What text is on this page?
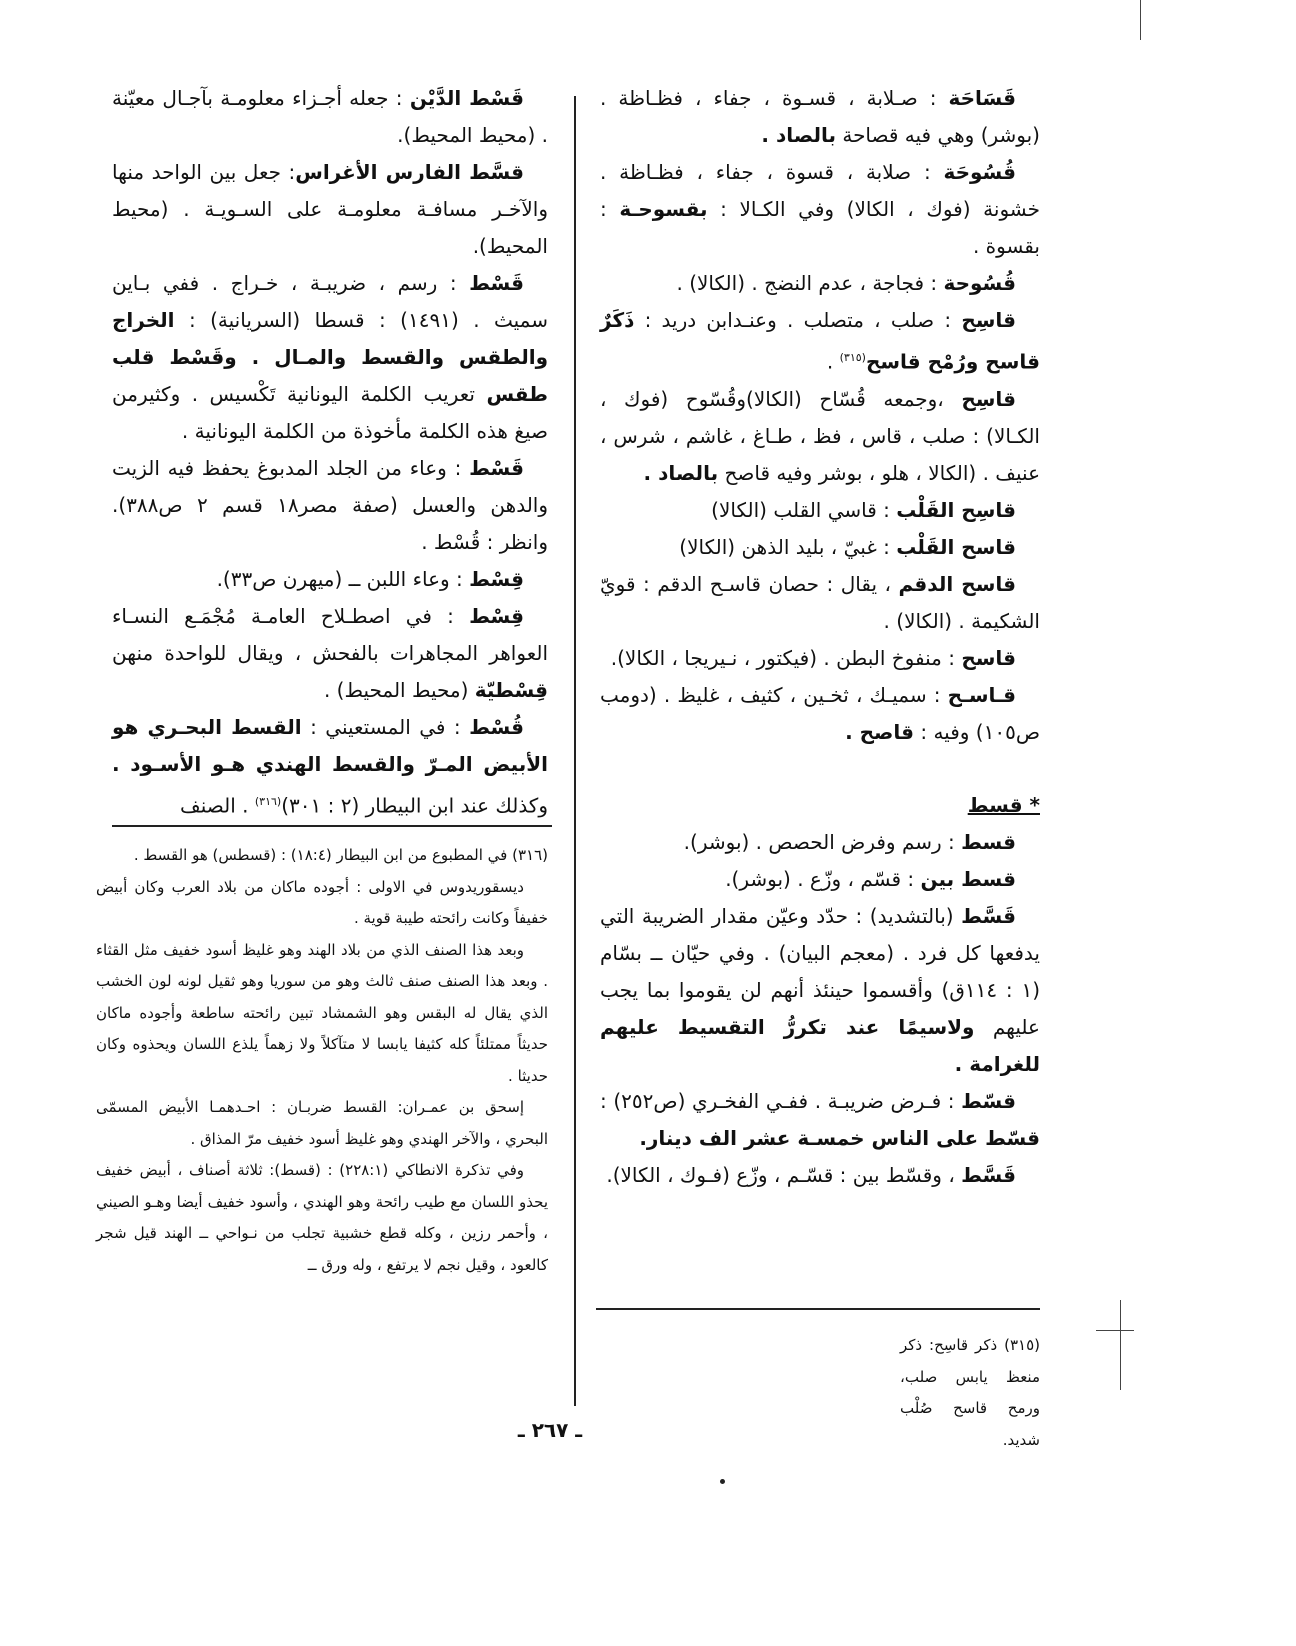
قَسَاحَة : صـلابة ، قسـوة ، جفاء ، فظـاظة . (بوشر) وهي فيه قصاحة بالصاد .

قُسُوحَة : صلابة ، قسوة ، جفاء ، فظـاظة . خشونة (فوك ، الكالا) وفي الكـالا : بقسوحـة : بقسوة .

قُسُوحة : فجاجة ، عدم النضج . (الكالا) .

قاسِح : صلب ، متصلب . وعنـدابن دريد : ذَكَرٌ قاسح ورُمْح قاسح$^{(٣١٥)}$ .

قاسِح ،وجمعه قُسّاح (الكالا)وقُسّوح (فوك ، الكـالا) : صلب ، قاس ، فظ ، طـاغ ، غاشم ، شرس ، عنيف . (الكالا ، هلو ، بوشر وفيه قاصح بالصاد .

قاسِح القَلْب : قاسي القلب (الكالا)

قاسح القَلْب : غبيّ ، بليد الذهن (الكالا)

قاسح الدقم ، يقال : حصان قاسـح الدقم : قويّ الشكيمة . (الكالا) .

قاسح : منفوخ البطن . (فيكتور ، نـيريجا ، الكالا).

قـاسـح : سميـك ، ثخـين ، كثيف ، غليظ . (دومب ص١٠٥) وفيه : قاصح .

* قسط

قسط : رسم وفرض الحصص . (بوشر).

قسط بين : قسّم ، وزّع . (بوشر).

قَسَّط (بالتشديد) : حدّد وعيّن مقدار الضريبة التي يدفعها كل فرد . (معجم البيان) . وفي حيّان ــ بسّام (١ : ١١٤ق) وأقسموا حينئذ أنهم لن يقوموا بما يجب عليهم ولاسيمًا عند تكررُّ التقسيط عليهم للغرامة .

قسّط : فـرض ضريبـة . ففـي الفخـري (ص٢٥٢) : قسّط على الناس خمسـة عشر الف دينار.

قَسَّط ، وقسّط بين : قسّـم ، وزّع (فـوك ، الكالا).

قَسْط الدَّيْن : جعله أجـزاء معلومـة بآجـال معيّنة . (محيط المحيط).

قسَّط الفارس الأغراس: جعل بين الواحد منها والآخـر مسافـة معلومـة على السـويـة . (محيط المحيط).

قَسْط : رسم ، ضريبـة ، خـراج . ففي بـاين سميث . (١٤٩١) : قسطا (السريانية) : الخراج والطقس والقسط والمـال . وقَسْط قلب طقس تعريب الكلمة اليونانية تَكْسيس . وكثيرمن صيغ هذه الكلمة مأخوذة من الكلمة اليونانية .

قَسْط : وعاء من الجلد المدبوغ يحفظ فيه الزيت والدهن والعسل (صفة مصر١٨ قسم ٢ ص٣٨٨). وانظر : قُسْط .

قِسْط : وعاء اللبن ــ (ميهرن ص٣٣).

قِسْط : في اصطـلاح العامـة مُجْمَـع النسـاء العواهر المجاهرات بالفحش ، ويقال للواحدة منهن قِسْطيّة (محيط المحيط) .

قُسْط : في المستعيني : القسط البحـري هو الأبيض المـرّ والقسط الهندي هـو الأسـود . وكذلك عند ابن البيطار (٢ : ٣٠١)$^{(٣١٦)}$ . الصنف

(٣١٦) في المطبوع من ابن البيطار (١٨:٤) : (قسطس) هو القسط .

ديسقوريدوس في الاولى : أجوده ماكان من بلاد العرب وكان أبيض خفيفاً وكانت رائحته طيبة قوية .

وبعد هذا الصنف الذي من بلاد الهند وهو غليظ أسود خفيف مثل القثاء . وبعد هذا الصنف صنف ثالث وهو من سوريا وهو ثقيل لونه لون الخشب الذي يقال له البقس وهو الشمشاد تبين رائحته ساطعة وأجوده ماكان حديثاً ممتلئاً كله كثيفا يابسا لا متآكلاً ولا زهماً يلذع اللسان ويحذوه وكان حديثا .

إسحق بن عمـران: القسط ضربـان : احـدهمـا الأبيض المسمّى البحري ، والآخر الهندي وهو غليظ أسود خفيف مرّ المذاق .

وفي تذكرة الانطاكي (٢٢٨:١) : (قسط): ثلاثة أصناف ، أبيض خفيف يحذو اللسان مع طيب رائحة وهو الهندي ، وأسود خفيف أيضا وهـو الصيني ، وأحمر رزين ، وكله قطع خشبية تجلب من نـواحي ــ الهند قيل شجر كالعود ، وقيل نجم لا يرتفع ، وله ورق ــ

(٣١٥) ذكر قاسِح: ذكر منعظ يابس صلب، ورمح قاسح صُلْب شديد.

ـ ٢٦٧ ـ
